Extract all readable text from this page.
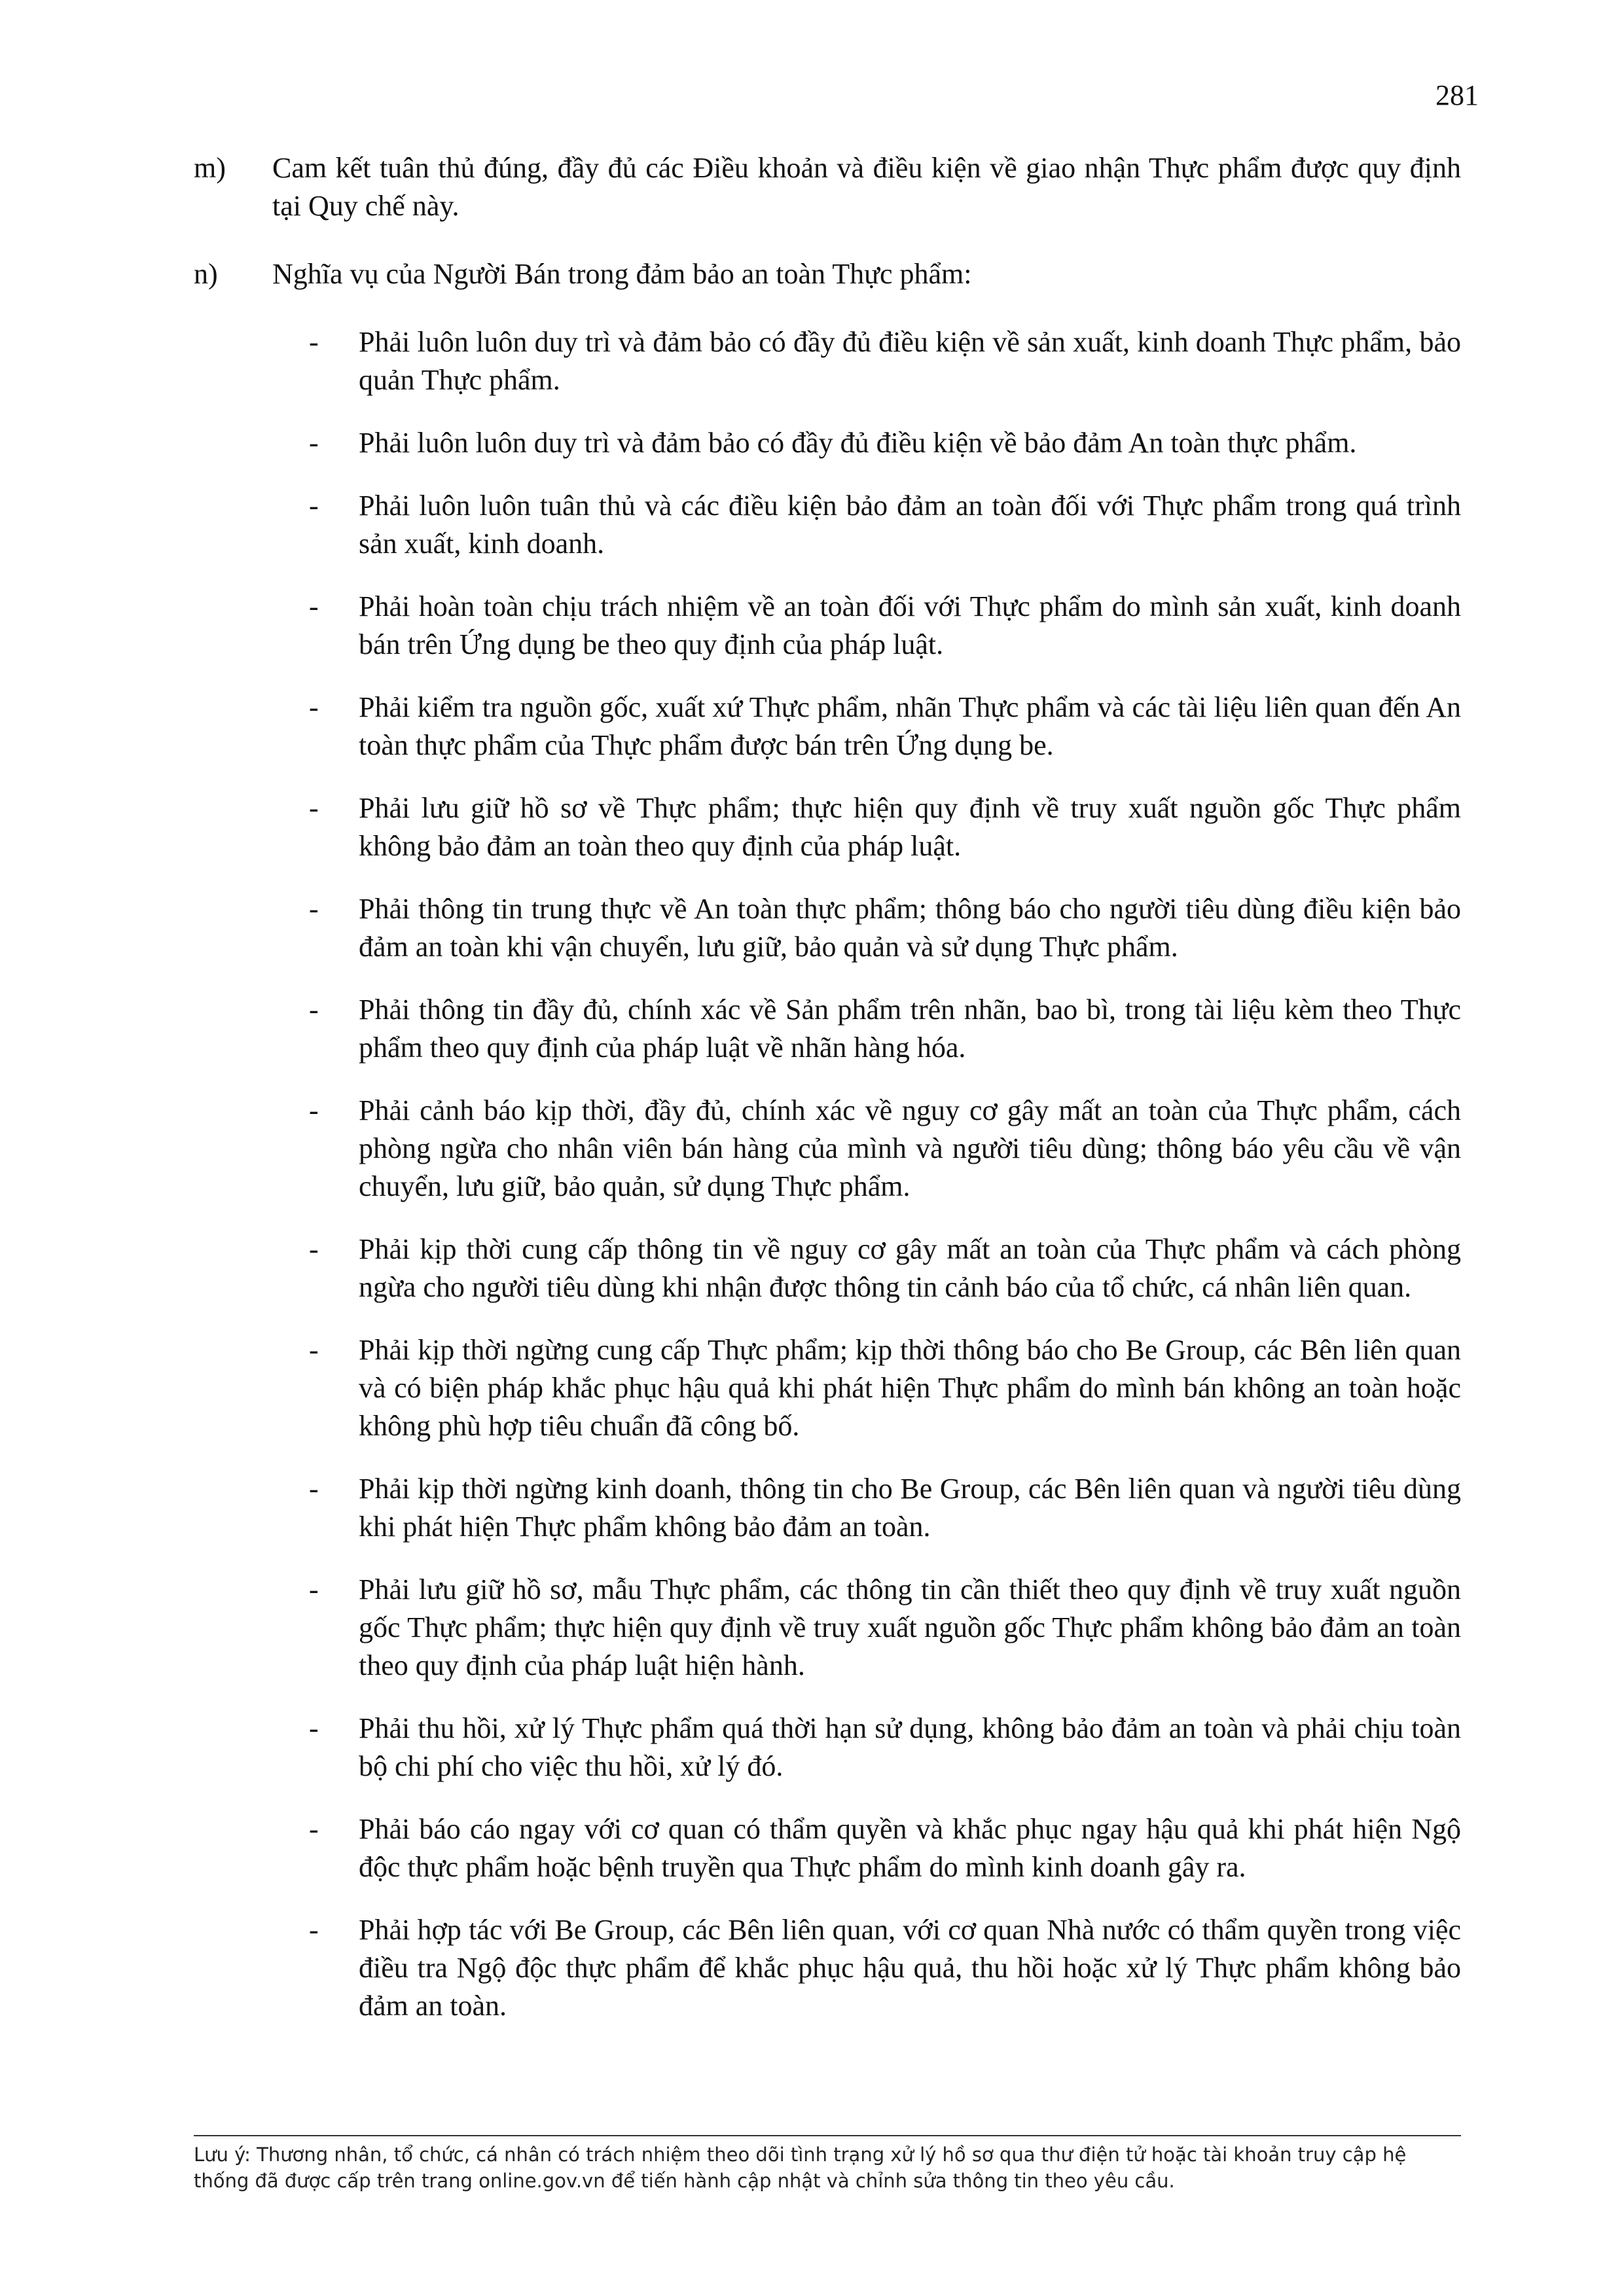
281
m) Cam kết tuân thủ đúng, đầy đủ các Điều khoản và điều kiện về giao nhận Thực phẩm được quy định tại Quy chế này.
n) Nghĩa vụ của Người Bán trong đảm bảo an toàn Thực phẩm:
- Phải luôn luôn duy trì và đảm bảo có đầy đủ điều kiện về sản xuất, kinh doanh Thực phẩm, bảo quản Thực phẩm.
- Phải luôn luôn duy trì và đảm bảo có đầy đủ điều kiện về bảo đảm An toàn thực phẩm.
- Phải luôn luôn tuân thủ và các điều kiện bảo đảm an toàn đối với Thực phẩm trong quá trình sản xuất, kinh doanh.
- Phải hoàn toàn chịu trách nhiệm về an toàn đối với Thực phẩm do mình sản xuất, kinh doanh bán trên Ứng dụng be theo quy định của pháp luật.
- Phải kiểm tra nguồn gốc, xuất xứ Thực phẩm, nhãn Thực phẩm và các tài liệu liên quan đến An toàn thực phẩm của Thực phẩm được bán trên Ứng dụng be.
- Phải lưu giữ hồ sơ về Thực phẩm; thực hiện quy định về truy xuất nguồn gốc Thực phẩm không bảo đảm an toàn theo quy định của pháp luật.
- Phải thông tin trung thực về An toàn thực phẩm; thông báo cho người tiêu dùng điều kiện bảo đảm an toàn khi vận chuyển, lưu giữ, bảo quản và sử dụng Thực phẩm.
- Phải thông tin đầy đủ, chính xác về Sản phẩm trên nhãn, bao bì, trong tài liệu kèm theo Thực phẩm theo quy định của pháp luật về nhãn hàng hóa.
- Phải cảnh báo kịp thời, đầy đủ, chính xác về nguy cơ gây mất an toàn của Thực phẩm, cách phòng ngừa cho nhân viên bán hàng của mình và người tiêu dùng; thông báo yêu cầu về vận chuyển, lưu giữ, bảo quản, sử dụng Thực phẩm.
- Phải kịp thời cung cấp thông tin về nguy cơ gây mất an toàn của Thực phẩm và cách phòng ngừa cho người tiêu dùng khi nhận được thông tin cảnh báo của tổ chức, cá nhân liên quan.
- Phải kịp thời ngừng cung cấp Thực phẩm; kịp thời thông báo cho Be Group, các Bên liên quan và có biện pháp khắc phục hậu quả khi phát hiện Thực phẩm do mình bán không an toàn hoặc không phù hợp tiêu chuẩn đã công bố.
- Phải kịp thời ngừng kinh doanh, thông tin cho Be Group, các Bên liên quan và người tiêu dùng khi phát hiện Thực phẩm không bảo đảm an toàn.
- Phải lưu giữ hồ sơ, mẫu Thực phẩm, các thông tin cần thiết theo quy định về truy xuất nguồn gốc Thực phẩm; thực hiện quy định về truy xuất nguồn gốc Thực phẩm không bảo đảm an toàn theo quy định của pháp luật hiện hành.
- Phải thu hồi, xử lý Thực phẩm quá thời hạn sử dụng, không bảo đảm an toàn và phải chịu toàn bộ chi phí cho việc thu hồi, xử lý đó.
- Phải báo cáo ngay với cơ quan có thẩm quyền và khắc phục ngay hậu quả khi phát hiện Ngộ độc thực phẩm hoặc bệnh truyền qua Thực phẩm do mình kinh doanh gây ra.
- Phải hợp tác với Be Group, các Bên liên quan, với cơ quan Nhà nước có thẩm quyền trong việc điều tra Ngộ độc thực phẩm để khắc phục hậu quả, thu hồi hoặc xử lý Thực phẩm không bảo đảm an toàn.
Lưu ý: Thương nhân, tổ chức, cá nhân có trách nhiệm theo dõi tình trạng xử lý hồ sơ qua thư điện tử hoặc tài khoản truy cập hệ thống đã được cấp trên trang online.gov.vn để tiến hành cập nhật và chỉnh sửa thông tin theo yêu cầu.
